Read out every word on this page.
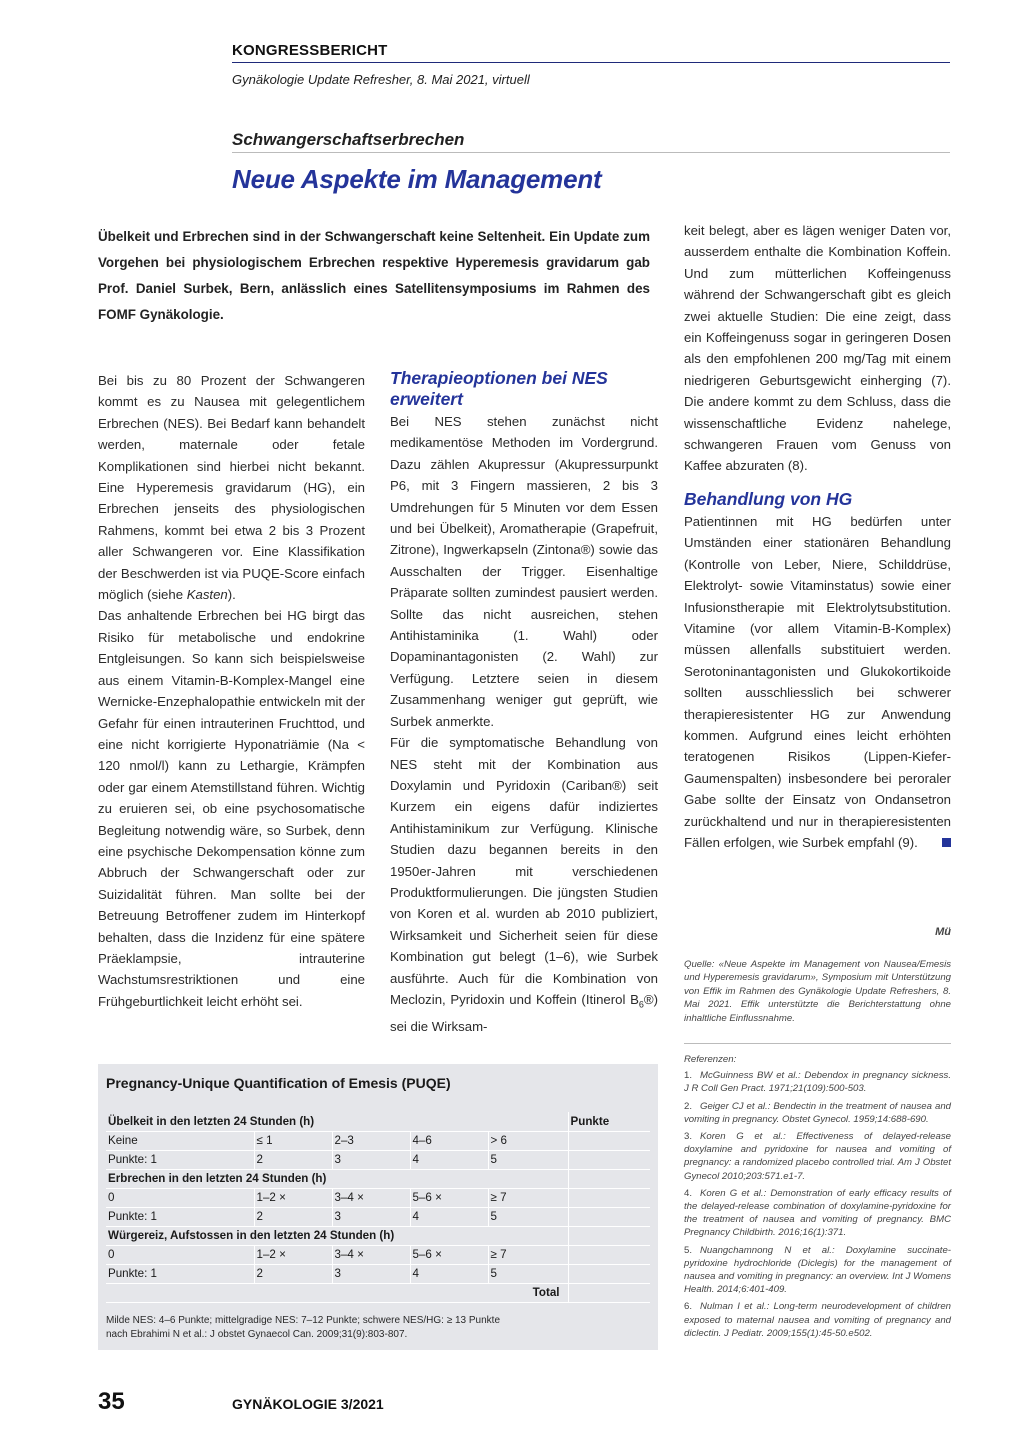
KONGRESSBERICHT
Gynäkologie Update Refresher, 8. Mai 2021, virtuell
Schwangerschaftserbrechen
Neue Aspekte im Management
Übelkeit und Erbrechen sind in der Schwangerschaft keine Seltenheit. Ein Update zum Vorgehen bei physiologischem Erbrechen respektive Hyperemesis gravidarum gab Prof. Daniel Surbek, Bern, anlässlich eines Satellitensymposiums im Rahmen des FOMF Gynäkologie.

Bei bis zu 80 Prozent der Schwangeren kommt es zu Nausea mit gelegentlichem Erbrechen (NES). Bei Bedarf kann behandelt werden, maternale oder fetale Komplikationen sind hierbei nicht bekannt. Eine Hyperemesis gravidarum (HG), ein Erbrechen jenseits des physiologischen Rahmens, kommt bei etwa 2 bis 3 Prozent aller Schwangeren vor. Eine Klassifikation der Beschwerden ist via PUQE-Score einfach möglich (siehe Kasten).

Das anhaltende Erbrechen bei HG birgt das Risiko für metabolische und endokrine Entgleisungen. So kann sich beispielsweise aus einem Vitamin-B-Komplex-Mangel eine Wernicke-Enzephalopathie entwickeln mit der Gefahr für einen intrauterinen Fruchttod, und eine nicht korrigierte Hyponatriämie (Na < 120 nmol/l) kann zu Lethargie, Krämpfen oder gar einem Atemstillstand führen. Wichtig zu eruieren sei, ob eine psychosomatische Begleitung notwendig wäre, so Surbek, denn eine psychische Dekompensation könne zum Abbruch der Schwangerschaft oder zur Suizidalität führen. Man sollte bei der Betreuung Betroffener zudem im Hinterkopf behalten, dass die Inzidenz für eine spätere Präeklampsie, intrauterine Wachstumsrestriktionen und eine Frühgeburtlichkeit leicht erhöht sei.

Therapieoptionen bei NES erweitert

Bei NES stehen zunächst nicht medikamentöse Methoden im Vordergrund. Dazu zählen Akupressur (Akupressurpunkt P6, mit 3 Fingern massieren, 2 bis 3 Umdrehungen für 5 Minuten vor dem Essen und bei Übelkeit), Aromatherapie (Grapefruit, Zitrone), Ingwerkapseln (Zintona®) sowie das Ausschalten der Trigger. Eisenhaltige Präparate sollten zumindest pausiert werden. Sollte das nicht ausreichen, stehen Antihistaminika (1. Wahl) oder Dopaminantagonisten (2. Wahl) zur Verfügung. Letztere seien in diesem Zusammenhang weniger gut geprüft, wie Surbek anmerkte.

Für die symptomatische Behandlung von NES steht mit der Kombination aus Doxylamin und Pyridoxin (Cariban®) seit Kurzem ein eigens dafür indiziertes Antihistaminikum zur Verfügung. Klinische Studien dazu begannen bereits in den 1950er-Jahren mit verschiedenen Produktformulierungen. Die jüngsten Studien von Koren et al. wurden ab 2010 publiziert, Wirksamkeit und Sicherheit seien für diese Kombination gut belegt (1–6), wie Surbek ausführte. Auch für die Kombination von Meclozin, Pyridoxin und Koffein (Itinerol $B_6®$) sei die Wirksam-

keit belegt, aber es lägen weniger Daten vor, ausserdem enthalte die Kombination Koffein. Und zum mütterlichen Koffeingenuss während der Schwangerschaft gibt es gleich zwei aktuelle Studien: Die eine zeigt, dass ein Koffeingenuss sogar in geringeren Dosen als den empfohlenen 200 mg/Tag mit einem niedrigeren Geburtsgewicht einherging (7). Die andere kommt zu dem Schluss, dass die wissenschaftliche Evidenz nahelege, schwangeren Frauen vom Genuss von Kaffee abzuraten (8).

Behandlung von HG

Patientinnen mit HG bedürfen unter Umständen einer stationären Behandlung (Kontrolle von Leber, Niere, Schilddrüse, Elektrolyt- sowie Vitaminstatus) sowie einer Infusionstherapie mit Elektrolytsubstitution. Vitamine (vor allem Vitamin-B-Komplex) müssen allenfalls substituiert werden. Serotoninantagonisten und Glukokortikoide sollten ausschliesslich bei schwerer therapieresistenter HG zur Anwendung kommen. Aufgrund eines leicht erhöhten teratogenen Risikos (Lippen-Kiefer-Gaumenspalten) insbesondere bei peroraler Gabe sollte der Einsatz von Ondansetron zurückhaltend und nur in therapieresistenten Fällen erfolgen, wie Surbek empfahl (9).

Mü
Quelle: «Neue Aspekte im Management von Nausea/Emesis und Hyperemesis gravidarum», Symposium mit Unterstützung von Effik im Rahmen des Gynäkologie Update Refreshers, 8. Mai 2021. Effik unterstützte die Berichterstattung ohne inhaltliche Einflussnahme.
Referenzen:
1. McGuinness BW et al.: Debendox in pregnancy sickness. J R Coll Gen Pract. 1971;21(109):500-503.
2. Geiger CJ et al.: Bendectin in the treatment of nausea and vomiting in pregnancy. Obstet Gynecol. 1959;14:688-690.
3. Koren G et al.: Effectiveness of delayed-release doxylamine and pyridoxine for nausea and vomiting of pregnancy: a randomized placebo controlled trial. Am J Obstet Gynecol 2010;203:571.e1-7.
4. Koren G et al.: Demonstration of early efficacy results of the delayed-release combination of doxylamine-pyridoxine for the treatment of nausea and vomiting of pregnancy. BMC Pregnancy Childbirth. 2016;16(1):371.
5. Nuangchamnong N et al.: Doxylamine succinate-pyridoxine hydrochloride (Diclegis) for the management of nausea and vomiting in pregnancy: an overview. Int J Womens Health. 2014;6:401-409.
6. Nulman I et al.: Long-term neurodevelopment of children exposed to maternal nausea and vomiting of pregnancy and diclectin. J Pediatr. 2009;155(1):45-50.e502.
Pregnancy-Unique Quantification of Emesis (PUQE)
Übelkeit in den letzten 24 Stunden (h)					Punkte
Keine	≤ 1	2–3	4–6	> 6	
Punkte: 1	2	3	4	5	
Erbrechen in den letzten 24 Stunden (h)					
0	1–2 ×	3–4 ×	5–6 ×	≥ 7	
Punkte: 1	2	3	4	5	
Würgereiz, Aufstossen in den letzten 24 Stunden (h)					
0	1–2 ×	3–4 ×	5–6 ×	≥ 7	
Punkte: 1	2	3	4	5	
Total					
Milde NES: 4–6 Punkte; mittelgradige NES: 7–12 Punkte; schwere NES/HG: ≥ 13 Punkte
nach Ebrahimi N et al.: J obstet Gynaecol Can. 2009;31(9):803-807.
35	GYNÄKOLOGIE 3/2021
